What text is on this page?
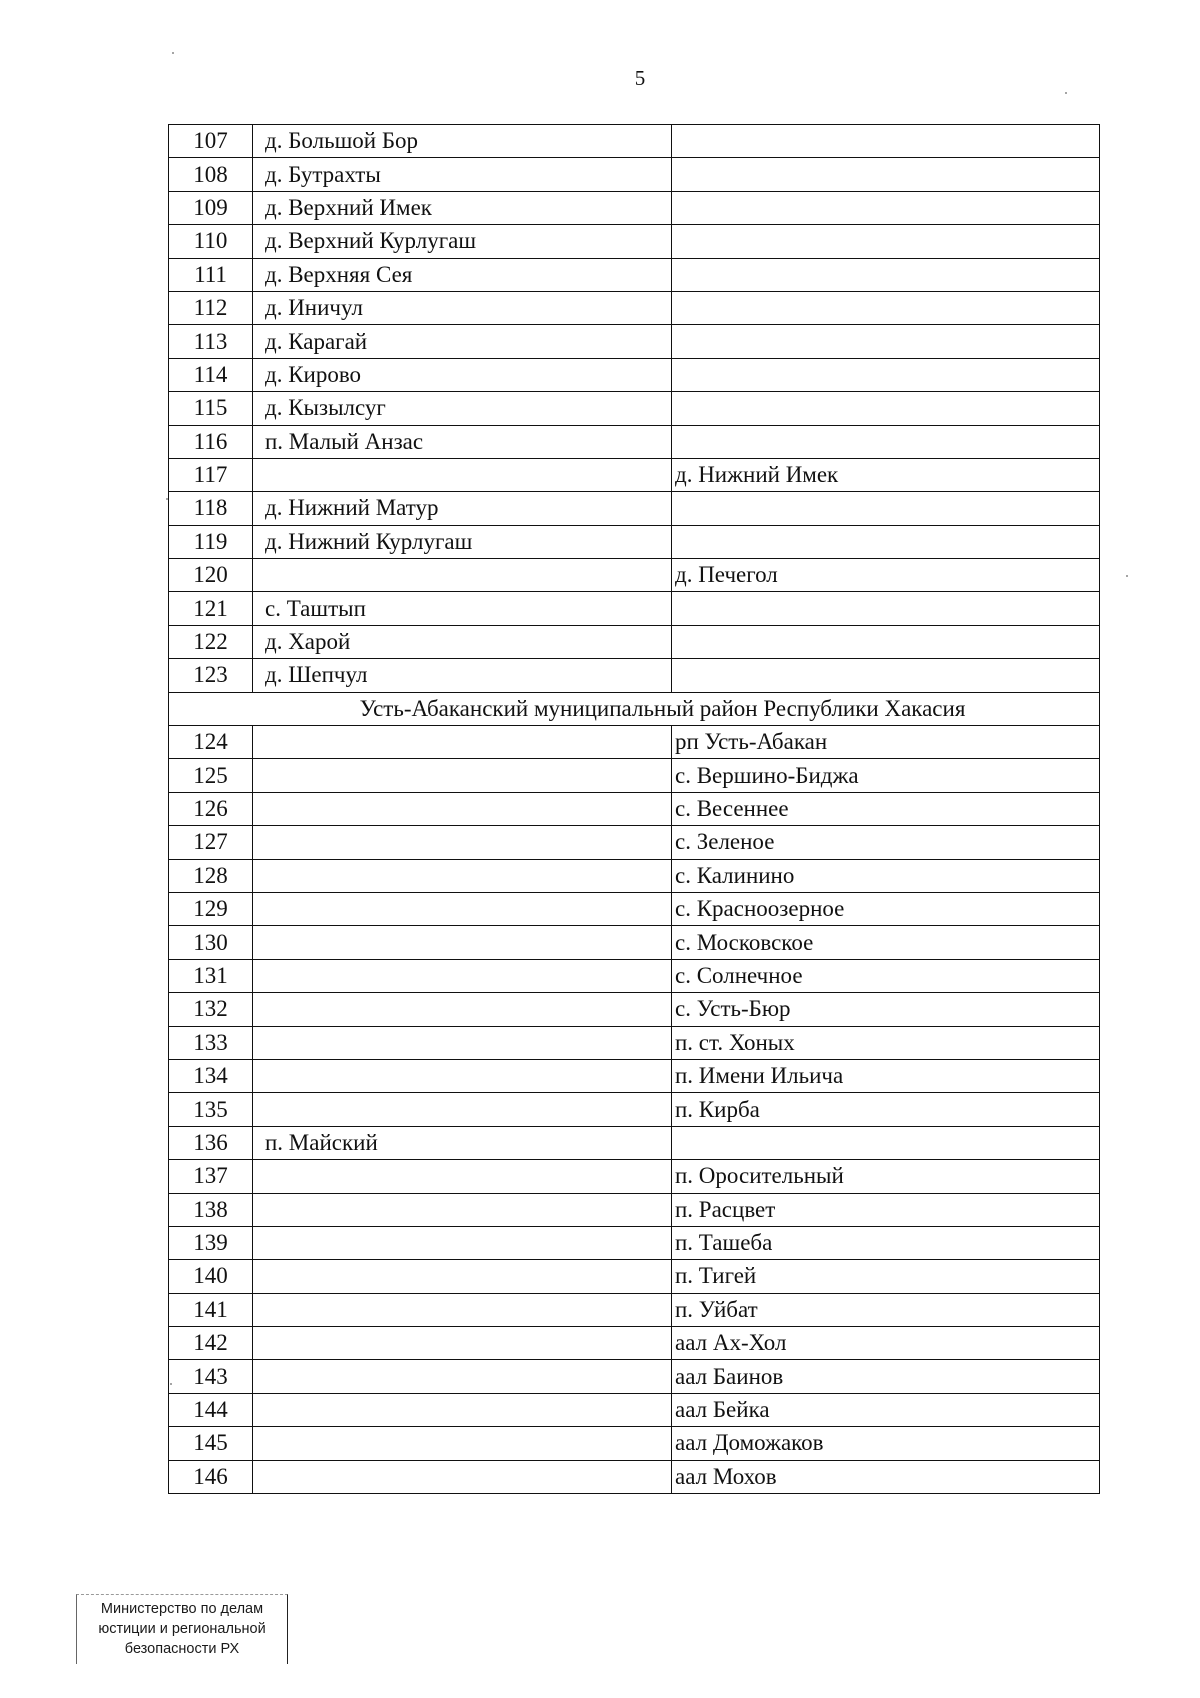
5
107	д. Большой Бор	
108	д. Бутрахты	
109	д. Верхний Имек	
110	д. Верхний Курлугаш	
111	д. Верхняя Сея	
112	д. Иничул	
113	д. Карагай	
114	д. Кирово	
115	д. Кызылсуг	
116	п. Малый Анзас	
117		д. Нижний Имек
118	д. Нижний Матур	
119	д. Нижний Курлугаш	
120		д. Печегол
121	с. Таштып	
122	д. Харой	
123	д. Шепчул	
Усть-Абаканский муниципальный район Республики Хакасия		
124		рп Усть-Абакан
125		с. Вершино-Биджа
126		с. Весеннее
127		с. Зеленое
128		с. Калинино
129		с. Красноозерное
130		с. Московское
131		с. Солнечное
132		с. Усть-Бюр
133		п. ст. Хоных
134		п. Имени Ильича
135		п. Кирба
136	п. Майский	
137		п. Оросительный
138		п. Расцвет
139		п. Ташеба
140		п. Тигей
141		п. Уйбат
142		аал Ах-Хол
143		аал Баинов
144		аал Бейка
145		аал Доможаков
146		аал Мохов
Министерство по делам
юстиции и региональной
безопасности РХ
